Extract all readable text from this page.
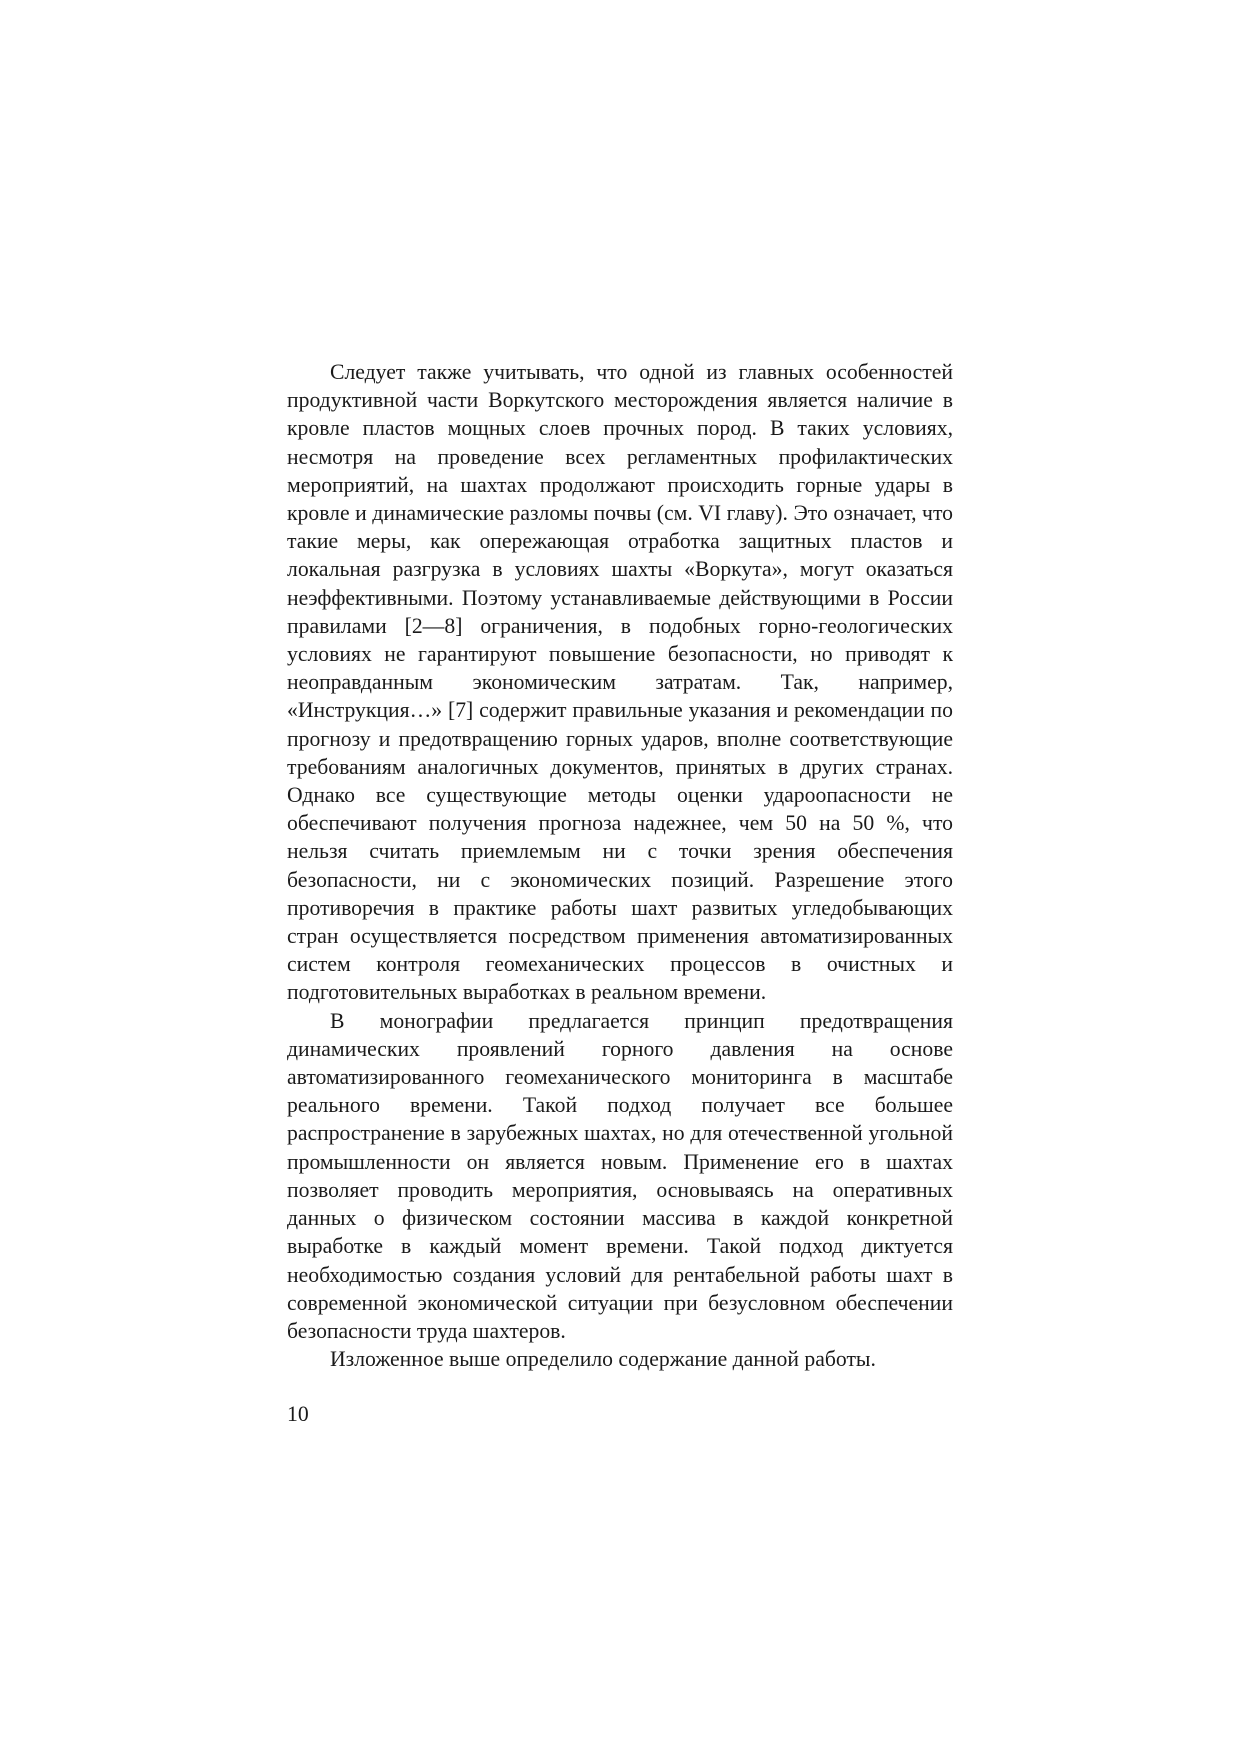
Следует также учитывать, что одной из главных особенностей продуктивной части Воркутского месторождения является наличие в кровле пластов мощных слоев прочных пород. В таких условиях, несмотря на проведение всех регламентных профилактических мероприятий, на шахтах продолжают происходить горные удары в кровле и динамические разломы почвы (см. VI главу). Это означает, что такие меры, как опережающая отработка защитных пластов и локальная разгрузка в условиях шахты «Воркута», могут оказаться неэффективными. Поэтому устанавливаемые действующими в России правилами [2—8] ограничения, в подобных горно-геологических условиях не гарантируют повышение безопасности, но приводят к неоправданным экономическим затратам. Так, например, «Инструкция…» [7] содержит правильные указания и рекомендации по прогнозу и предотвращению горных ударов, вполне соответствующие требованиям аналогичных документов, принятых в других странах. Однако все существующие методы оценки удароопасности не обеспечивают получения прогноза надежнее, чем 50 на 50 %, что нельзя считать приемлемым ни с точки зрения обеспечения безопасности, ни с экономических позиций. Разрешение этого противоречия в практике работы шахт развитых угледобывающих стран осуществляется посредством применения автоматизированных систем контроля геомеханических процессов в очистных и подготовительных выработках в реальном времени.

В монографии предлагается принцип предотвращения динамических проявлений горного давления на основе автоматизированного геомеханического мониторинга в масштабе реального времени. Такой подход получает все большее распространение в зарубежных шахтах, но для отечественной угольной промышленности он является новым. Применение его в шахтах позволяет проводить мероприятия, основываясь на оперативных данных о физическом состоянии массива в каждой конкретной выработке в каждый момент времени. Такой подход диктуется необходимостью создания условий для рентабельной работы шахт в современной экономической ситуации при безусловном обеспечении безопасности труда шахтеров.

Изложенное выше определило содержание данной работы.

10
